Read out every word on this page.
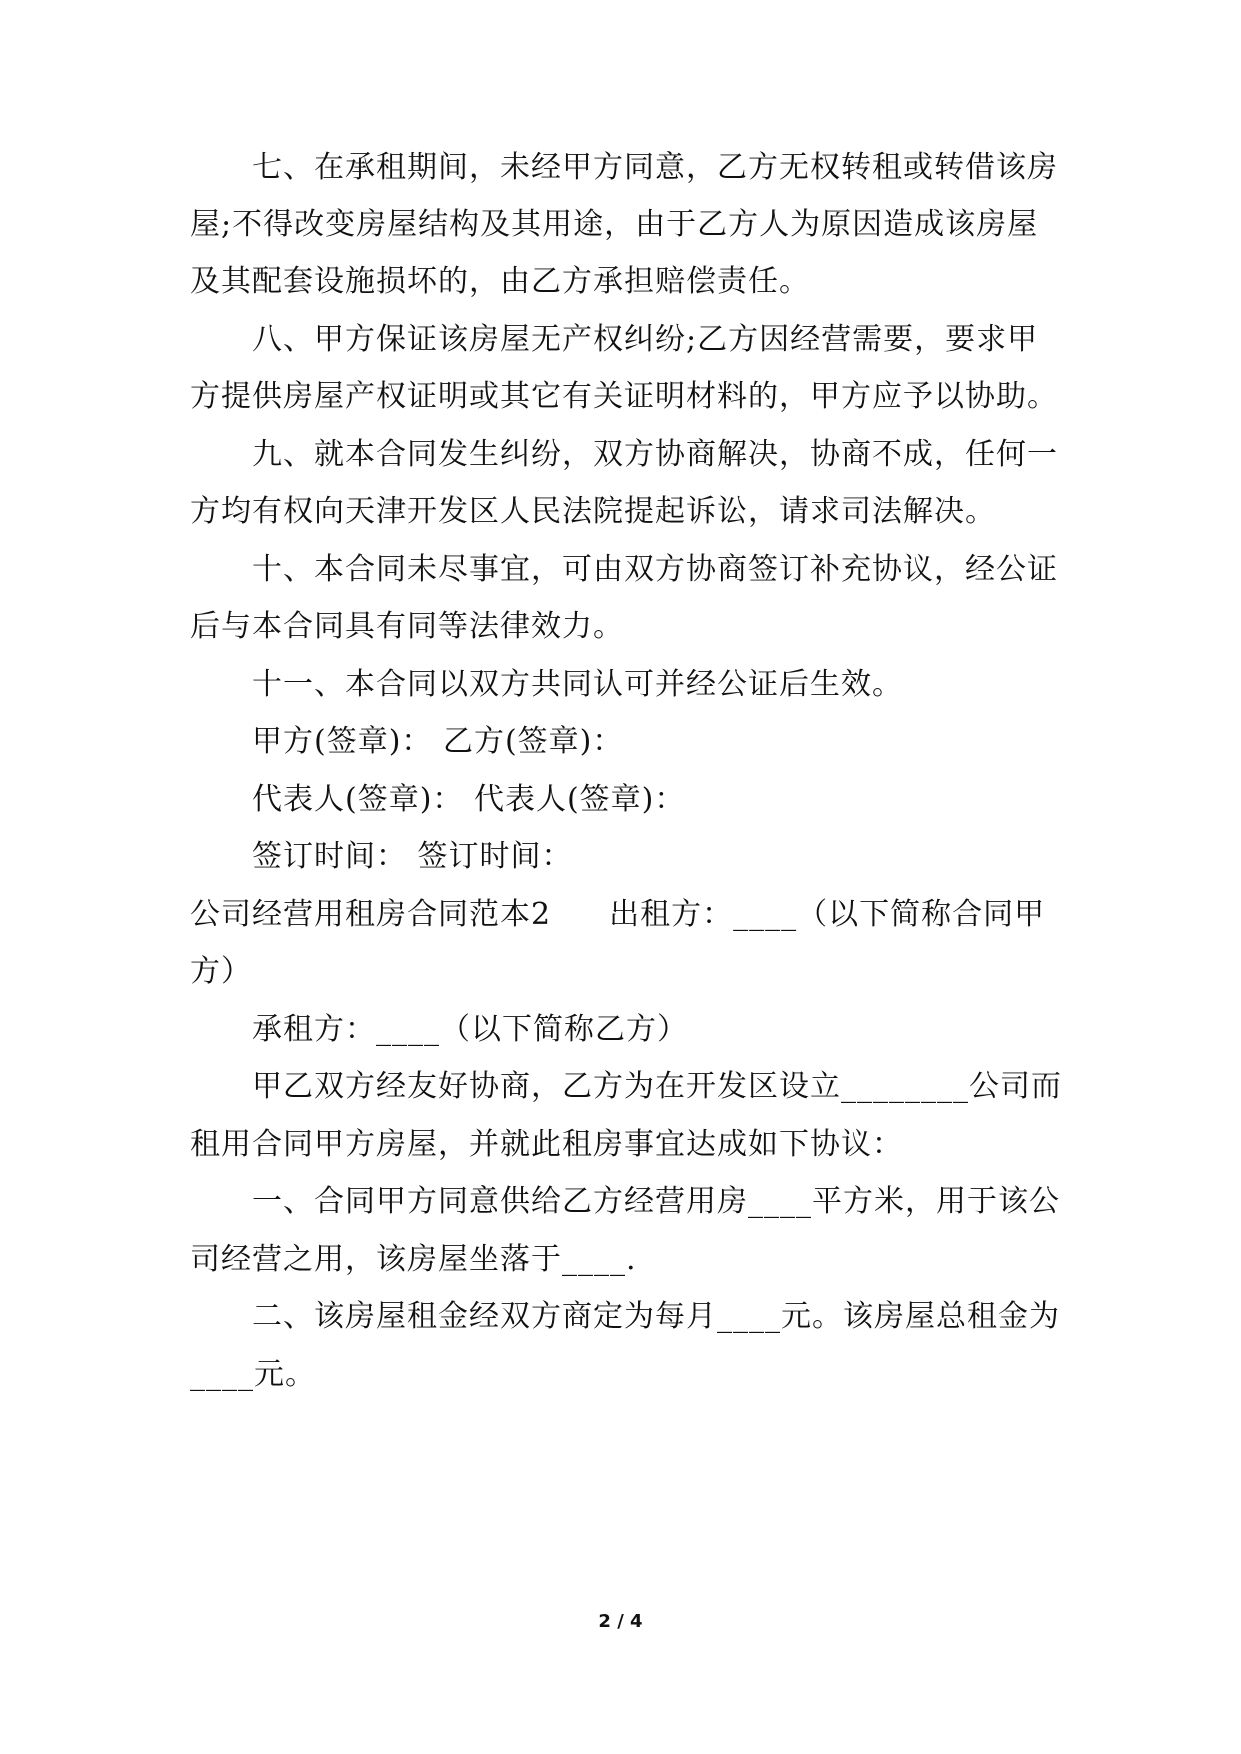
七、在承租期间，未经甲方同意，乙方无权转租或转借该房
屋;不得改变房屋结构及其用途，由于乙方人为原因造成该房屋
及其配套设施损坏的，由乙方承担赔偿责任。
八、甲方保证该房屋无产权纠纷;乙方因经营需要，要求甲
方提供房屋产权证明或其它有关证明材料的，甲方应予以协助。
九、就本合同发生纠纷，双方协商解决，协商不成，任何一
方均有权向天津开发区人民法院提起诉讼，请求司法解决。
十、本合同未尽事宜，可由双方协商签订补充协议，经公证
后与本合同具有同等法律效力。
十一、本合同以双方共同认可并经公证后生效。
甲方(签章)： 乙方(签章)：
代表人(签章)： 代表人(签章)：
签订时间： 签订时间：
公司经营用租房合同范本2 出租方：____（以下简称合同甲
方）
承租方：____（以下简称乙方）
甲乙双方经友好协商，乙方为在开发区设立________公司而
租用合同甲方房屋，并就此租房事宜达成如下协议：
一、合同甲方同意供给乙方经营用房____平方米，用于该公
司经营之用，该房屋坐落于____.
二、该房屋租金经双方商定为每月____元。该房屋总租金为
____元。
2 / 4
